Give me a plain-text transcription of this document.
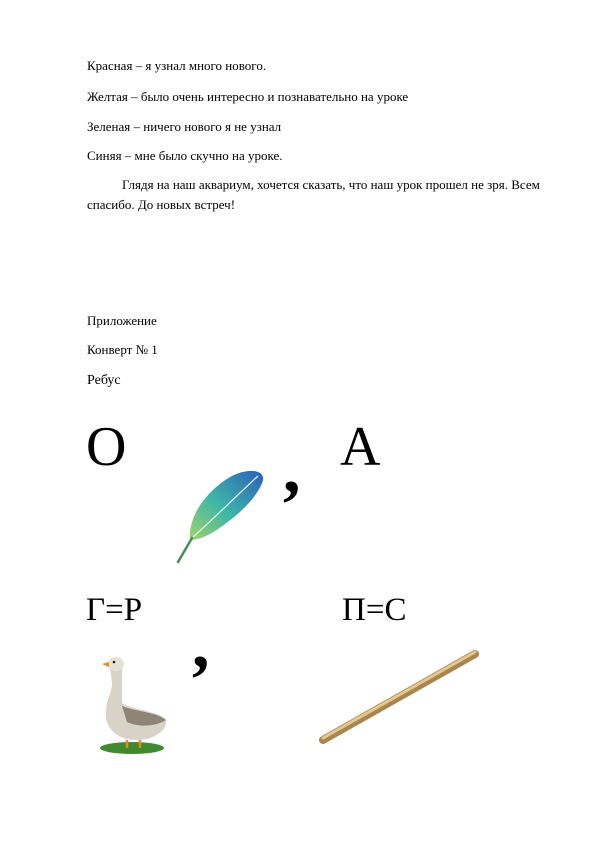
Красная – я узнал много нового.
Желтая – было очень интересно и познавательно на уроке
Зеленая – ничего нового я не узнал
Синяя – мне было скучно на уроке.
Глядя на наш аквариум, хочется сказать, что наш урок прошел не зря. Всем спасибо. До новых встреч!
Приложение
Конверт № 1
Ребус
О , А
Г=Р	П=С
,
